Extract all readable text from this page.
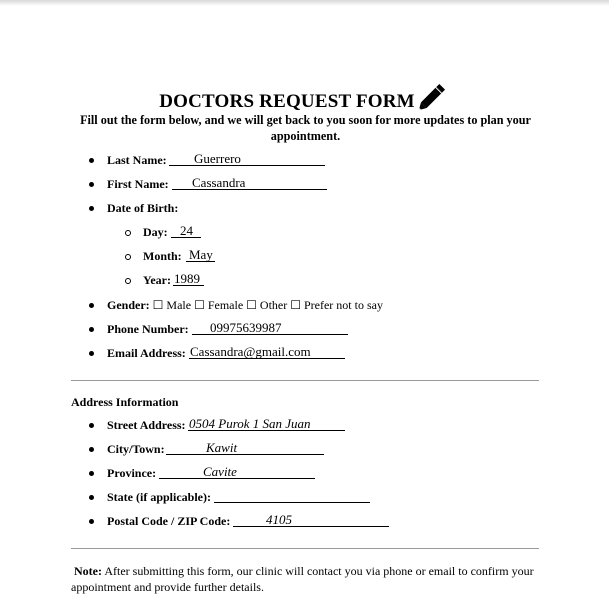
DOCTORS REQUEST FORM
Fill out the form below, and we will get back to you soon for more updates to plan your appointment.
Last Name: Guerrero
First Name: Cassandra
Date of Birth:
Day: 24
Month: May
Year: 1989
Gender: ☐ Male ☐ Female ☐ Other ☐ Prefer not to say
Phone Number: 09975639987
Email Address: Cassandra@gmail.com
Address Information
Street Address: 0504 Purok 1 San Juan
City/Town:	Kawit
Province:	Cavite
State (if applicable):
Postal Code / ZIP Code:	4105
Note: After submitting this form, our clinic will contact you via phone or email to confirm your appointment and provide further details.
